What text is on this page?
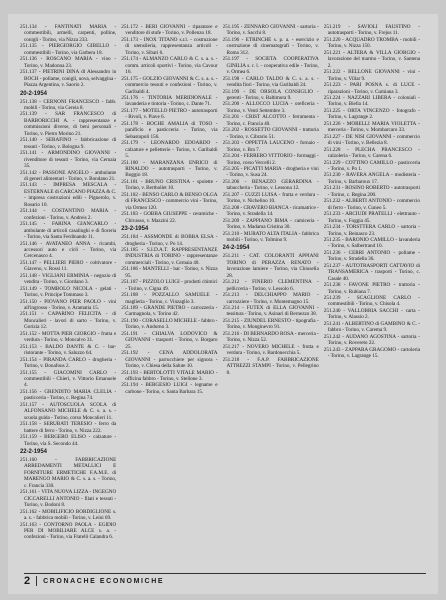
251.134 - FANTINATI MARIA - commestibili, armelli, carpenti, polline, conigli - Torino, via Nizza 233.

251.135 - PIERGIORGIO GIBELLO - commestibili - Torino, via Garbera 18.

251.136 - ROSCANO MARIA - vino - Torino, v. Madonna 23.

251.137 - PIETRINI DINA dl Alessandro in BOCH - pollame, conigli, uova, selvaggina - Piazza Argentina, v. Saorio 2.

20-2-1954

251.138 - CERNONI FRANCESCO - fabb. mobili - Torino, via Cereia 8.

251.139 - SAR FRANCESCO di BARBORICCHI A. - rappresentanze e commissioni diverse, di beni personali - Torino, v. Pietro Morino 21.

251.140 - SERAFINO - fabbricazione di tessuti - Torino, v. Bologna 9.

251.141 - ARMONDINO GIOVANNI - rivenditore di tessuti - Torino, via Cernaia 35.

251.142 - PASSONE ANGELO - ambulante di generi alimentari - Torino, v. Bondano 21.

251.143 - IMPRESA MESCALA - ESTERNALE di CARCANO PIAZZA & C. - impresa costruzioni edili - Pignerolo, v. Rosario 10.

251.144 - COSTANTINO MARIA - confezioni - Torino, v. Andreis 2.

251.145 - FARINA GIANCARLO - ambulante di articoli casalinghi e di fioreria - Torino, via Santa Ferdinando 11.

251.146 - AVATANEO ANNA - ricambi, accessori auto e cicli - Torino, via Cercenasco 4.

251.147 - PELLIERI PIERO - coltivatore - Giaveno, v. Rossi 11.

251.148 - VIGLIANI ERMINIA - negozio di vendita - Torino, v. Giordano 3.

251.149 - TOMBOLO NICOLA - gelati - Torino, v. Principe Tommaso 3.

251.150 - PIOVANO PIER PAOLO - vini all'ingrosso - Torino, v. Aramatia 15.

251.151 - CAPARINO FELICITA - di Moncalieri - lavori di sarto - Torino, v. Gorizia 12.

251.152 - MOTTA PIER GIORGIO - frutta e verdura - Torino, v. Moncalvo 31.

251.153 - BALDO DANTE & C. - bar-ristorante - Torino, v. Saluzzo 64.

251.154 - PIRANDA CARLO - drogheria - Torino, v. Bonafous 2.

251.155 - GIACOMINI CARLO - commestibili - Chieri, v. Vittorio Emanuele 4.

251.156 - GRENDITO MARIA CLELIA - pasticceria - Torino, c. Regina 74.

251.157 - AUTOSCUOLA SCOLA di ALFONSANO MICHELE & C. s. a. s. - scuola guida - Torino, corso Moncalieri 11.

251.158 - SERUBATI TERESIO - ferro da battere di ferro - Torino, v. Nizza 222.

251.159 - BERGERO ELISO - calzature - Torino, via S. Secondo 44.

22-2-1954

251.160 - FABBRICAZIONE ARREDAMENTI METALLICI E FORNITURE ERMETICHE F.A.M.E. di MARENGO MARIO & C. s. a. s. - Torino, c. Francia 330.

251.161 - VITA NUOVA LIZZA - INGEGNO CICCARELLI ANTONIO - filati e tessuti - Torino, v. Bodoni 8.

251.162 - MOBILIFICIO BORDIGLIONE s. a. s. - fabbrica mobili - Torino, v. Leini 69.

251.163 - CONTORNO PAOLA - EGIDIO PER DI MOBILIARE ALCE s. a. - confezioni - Torino, via Fratelli Calandra 6.

251.172 - BERI GIOVANNI - riparatore e venditore di stufe - Torino, v. Pollenzo 18.

251.173 - INOX TITANO s.r.l. - costruzione di utensileria, rappresentanza articoli - Torino, v. Sibari 6.

251.174 - ALMANZO CARLO & C. s. a. s. - comm. articoli sportivi - Torino, via Cavour 16.

251.175 - GOLZIO GIOVANNI & C. s. a. s. - commercio tessuti e confezioni - Torino, v. Garibaldi 4.

251.176 - TINTORIA MERIDIONALE - lavanderia e tintoria - Torino, c. Dante 71.

251.177 - MOTELLO PIETRO - autotrasporti - Rivoli, v. Piave 6.

251.178 - BOCHE AMALIA di TOSO - panificio e pasticceria - Torino, via Sebastopoli 156.

251.179 - LEONARDO EDOARDO - calzature e pelletterie - Torino, v. Garibaldi 5.

251.180 - MARANZANA ENRICO di RINALDO - autotrasporti - Torino, v. Boggio 18.

251.181 - BRUNO CRISTINA - spolette - Torino, v. Berthollet 10.

251.182 - BENSO CARLO & BENSO OLGA di FRANCESCO - commercio vini - Torino, via Ormea 120.

251.183 - GOBBA GIUSEPPE - ceramiche - Chivasso, v. Mazzini 22.

23-2-1954

251.184 - ASSMONDE di BOBBA ELSA - drogheria - Torino, v. Po 14.

251.185 - S.I.D.A.T. RAPPRESENTANZE INDUSTRIA di TORINO - rappresentanze commerciali - Torino, v. Cernaia 40.

251.186 - MANTELLI - bar - Torino, v. Nizza 95.

251.187 - PIZZOLO LUIGI - prodotti chimici - Torino, v. Cigna 49.

251.188 - POZZALLO SAMUELE - maglieria - Torino, c. Vinzaglio 3.

251.189 - GRANDE PIETRO - carrozzeria - Carmagnola, v. Torino 42.

251.190 - CORASELLO MICHELE - fabbro - Torino, v. Andorno 3.

251.191 - CHIALVA LODOVICO & GIOVANNI - trasporti - Torino, v. Borgaro 25.

251.192 - CENA ADDOLORATA GIOVANNI - parrucchiere per signora - Torino, v. Chiesa della Salute 10.

251.193 - BERTOLOTTI VITALE MARIO - officina fabbro - Torino, v. Stellone 3.

251.194 - BERGESIO LUIGI - legname e carbone - Torino, v. Santa Barbara 15.

251.195 - ZENNARO GIOVANNI - sartoria - Torino, v. Sacchi 8.

251.196 - ETRINCHE s. p. a. - esercizio e costruzione di cinematografi - Torino, v. Roma 312.

251.197 - SOCIETA COOPERATIVA GINILIA s. r. l. - cooperativa edile - Torino, v. Ormea 6.

251.198 - CARLO TALDO & C. s. a. s. - vendita fiori - Torino, via Garibaldi 24.

251.199 - DE ORSOLA CONSIGLIO - gerenti - Torino, v. Baltimora 9.

251.200 - ALLOCCO LUCIA - oreficeria - Torino, v. Venti Settembre 3.

251.201 - CRIST ALCOTTO - ferramenta - Torino, c. Francia 40.

251.202 - ROSSETTO GIOVANNI - trattoria - Torino, v. Cibrario 51.

251.203 - OPPETTA LAUCENO - fornaio - Torino, v. Bra 7.

251.204 - FERRERO VITTORIO - formaggi - Torino, corso Vercelli 2.

251.205 - PICATTI MARIA - drogheria e vini - Torino, v. Susa 24.

251.206 - BENAZZO GERARDINA - tabaccheria - Torino, v. Lessona 12.

251.207 - CUZZI LUISA - frutta e verdura - Torino, v. Nichelino 10.

251.208 - CRAVERO BIANCA - ricamatrice - Torino, v. Stradella 14.

251.209 - ZAPPIANO IRMA - camiceria - Torino, v. Madama Cristina 30.

251.210 - MURATO ALTA ITALIA - fabbrica mobili - Torino, v. Tolmino 9.

24-2-1954

251.211 - CAT. COLORANTI APPIANI TORINO di PERAZZA RENATO - lavorazione lamiere - Torino, via Chiusella 28.

251.212 - FINERIO CLEMENTINA - pellicceria - Torino, v. Lessolo 6.

251.213 - DELCHIAPPO MARIO - carrozziere - Torino, v. Montemagno 15.

251.214 - FUTEX di ELLA GIOVANNI - tessitura - Torino, v. Asinari di Bernezzo 38.

251.215 - ZIUNDEL ERNESTO - tipografia - Torino, v. Monginevro 91.

251.216 - DI BERNARDO ROSA - merceria - Torino, v. Nizza 52.

251.217 - NOVERO MICHELE - frutta e verdura - Torino, v. Bardonecchia 5.

251.218 - F.A.P. FABBRICAZIONE ATTREZZI STAMPI - Torino, v. Pellegrino 8.

251.219 - SAVIOLI FAUSTINO - autotrasporti - Torino, v. Frejus 11.

251.220 - ACQUADRO TROMBA - mobili - Torino, v. Nizza 150.

251.221 - ALTERA & VILLA GIORGIO - lavorazione del marmo - Torino, v. Santena 2.

251.222 - BELLONE GIOVANNI - vini - Torino, v. Villar 9.

251.223 - PARI POSNA s. di LUCE - riparazioni - Torino, v. Cumiana 3.

251.224 - NAZZARI LIBERA - coloniali - Torino, v. Biella 14.

251.225 - ORTA VINCENZO - fotografo - Torino, v. Lagrange 2.

251.226 - MORELLI MARIA VIOLETTA - merceria - Torino, v. Mombarcaro 33.

251.227 - DE NISI GIOVANNI - commercio di vini - Torino, v. Bellezia 8.

251.228 - PLECHA PRANCESCO - calzoleria - Torino, v. Carena 6.

251.229 - COTTINO CAMILLO - pasticceria - Torino, v. Po 1.

251.230 - RAVERA ANGELA - modisteria - Torino, v. Barbaroux 17.

251.231 - ROSINO ROBERTO - autotrasporti - Torino, c. Regina 200.

251.232 - ALBERTI ANTONIO - commercio di ferro - Torino, v. Cuneo 5.

251.233 - ARCIUDI PRATELLI - elettrauto - Torino, v. Foggia 45.

251.234 - TORSTTERA CARLO - sartoria - Torino, v. Beinasco 23.

251.235 - BARONIO CAMILLO - lavanderia - Torino, v. Salbertrand 10.

251.236 - CERRI ANTONIO - pollame - Torino, v. Stradella 36.

251.237 - AUTOTRASPORTI CATTAVIO di TRANSAMERICA - trasporti - Torino, c. Casale 40.

251.238 - FAVONE PIETRO - trattoria - Torino, v. Rubiana 7.

251.239 - SCAGLIONE CARLO - commestibili - Torino, v. Chisola 4.

251.240 - VALLOBRIA SACCHI - carta - Torino, v. Alassio 2.

251.241 - ALBERTINO di GAMBINO & C. - fabbro - Torino, v. Carema 9.

251.242 - AUDANO AGOSTINA - sartoria - Torino, v. Rovereto 22.

251.243 - ZAPPARA GRAGOMO - cartoleria - Torino, v. Lagrange 15.

2 CRONACHE ECONOMICHE
